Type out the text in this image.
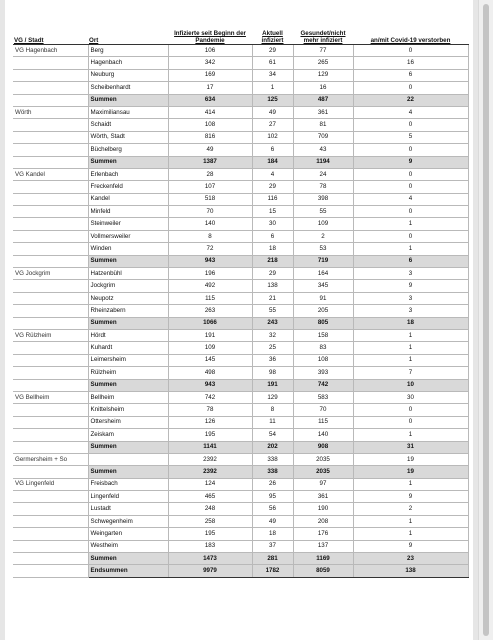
VG / Stadt	Ort	Infizierte seit Beginn der Pandemie	Aktuell infiziert	Gesundet/nicht mehr infiziert	an/mit Covid-19 verstorben
VG Hagenbach	Berg	106	29	77	0
	Hagenbach	342	61	265	16
	Neuburg	169	34	129	6
	Scheibenhardt	17	1	16	0
	Summen	634	125	487	22
Wörth	Maximiliansau	414	49	361	4
	Schaidt	108	27	81	0
	Wörth, Stadt	816	102	709	5
	Büchelberg	49	6	43	0
	Summen	1387	184	1194	9
VG Kandel	Erlenbach	28	4	24	0
	Freckenfeld	107	29	78	0
	Kandel	518	116	398	4
	Minfeld	70	15	55	0
	Steinweiler	140	30	109	1
	Vollmersweiler	8	6	2	0
	Winden	72	18	53	1
	Summen	943	218	719	6
VG Jockgrim	Hatzenbühl	196	29	164	3
	Jockgrim	492	138	345	9
	Neupotz	115	21	91	3
	Rheinzabern	263	55	205	3
	Summen	1066	243	805	18
VG Rülzheim	Hördt	191	32	158	1
	Kuhardt	109	25	83	1
	Leimersheim	145	36	108	1
	Rülzheim	498	98	393	7
	Summen	943	191	742	10
VG Bellheim	Bellheim	742	129	583	30
	Knittelsheim	78	8	70	0
	Ottersheim	126	11	115	0
	Zeiskam	195	54	140	1
	Summen	1141	202	908	31
Germersheim + So		2392	338	2035	19
	Summen	2392	338	2035	19
VG Lingenfeld	Freisbach	124	26	97	1
	Lingenfeld	465	95	361	9
	Lustadt	248	56	190	2
	Schwegenheim	258	49	208	1
	Weingarten	195	18	176	1
	Westheim	183	37	137	9
	Summen	1473	281	1169	23
	Endsummen	9979	1782	8059	138
